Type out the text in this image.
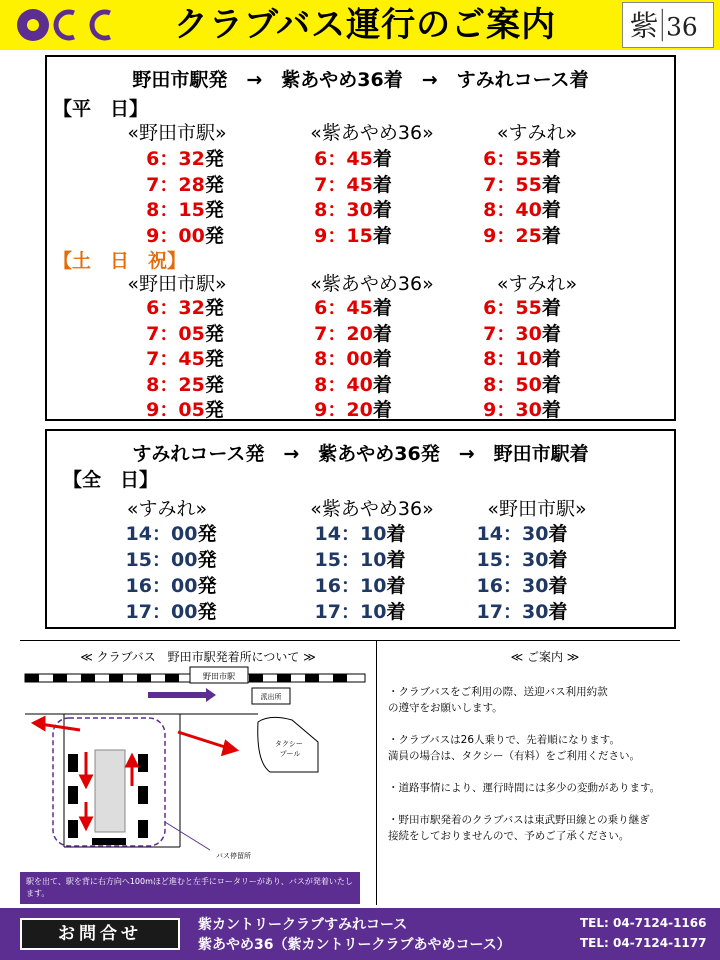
クラブバス運行のご案内	紫 36
野田市駅発　→　紫あやめ36着　→　すみれコース着
【平　日】
«野田市駅»	«紫あやめ36»	«すみれ»
6：32発	6：45着	6：55着
7：28発	7：45着	7：55着
8：15発	8：30着	8：40着
9：00発	9：15着	9：25着
【土　日　祝】
«野田市駅»	«紫あやめ36»	«すみれ»
6：32発	6：45着	6：55着
7：05発	7：20着	7：30着
7：45発	8：00着	8：10着
8：25発	8：40着	8：50着
9：05発	9：20着	9：30着
すみれコース発　→　紫あやめ36発　→　野田市駅着
【全　日】
«すみれ»	«紫あやめ36»	«野田市駅»
14：00発	14：10着	14：30着
15：00発	15：10着	15：30着
16：00発	16：10着	16：30着
17：00発	17：10着	17：30着
≪ クラブバス　野田市駅発着所について ≫
野田市駅
派出所
約100m
タクシー プール
バス停留所
駅を出て、駅を背に右方向へ100mほど進むと左手にロータリーがあり、バスが発着いたします。
≪ ご案内 ≫
・クラブバスをご利用の際、送迎バス利用約款
の遵守をお願いします。
・クラブバスは26人乗りで、先着順になります。
満員の場合は、タクシー（有料）をご利用ください。
・道路事情により、運行時間には多少の変動があります。
・野田市駅発着のクラブバスは東武野田線との乗り継ぎ
接続をしておりませんので、予めご了承ください。
お問合せ	紫カントリークラブすみれコース
紫あやめ36（紫カントリークラブあやめコース）
TEL: 04-7124-1166
TEL: 04-7124-1177
